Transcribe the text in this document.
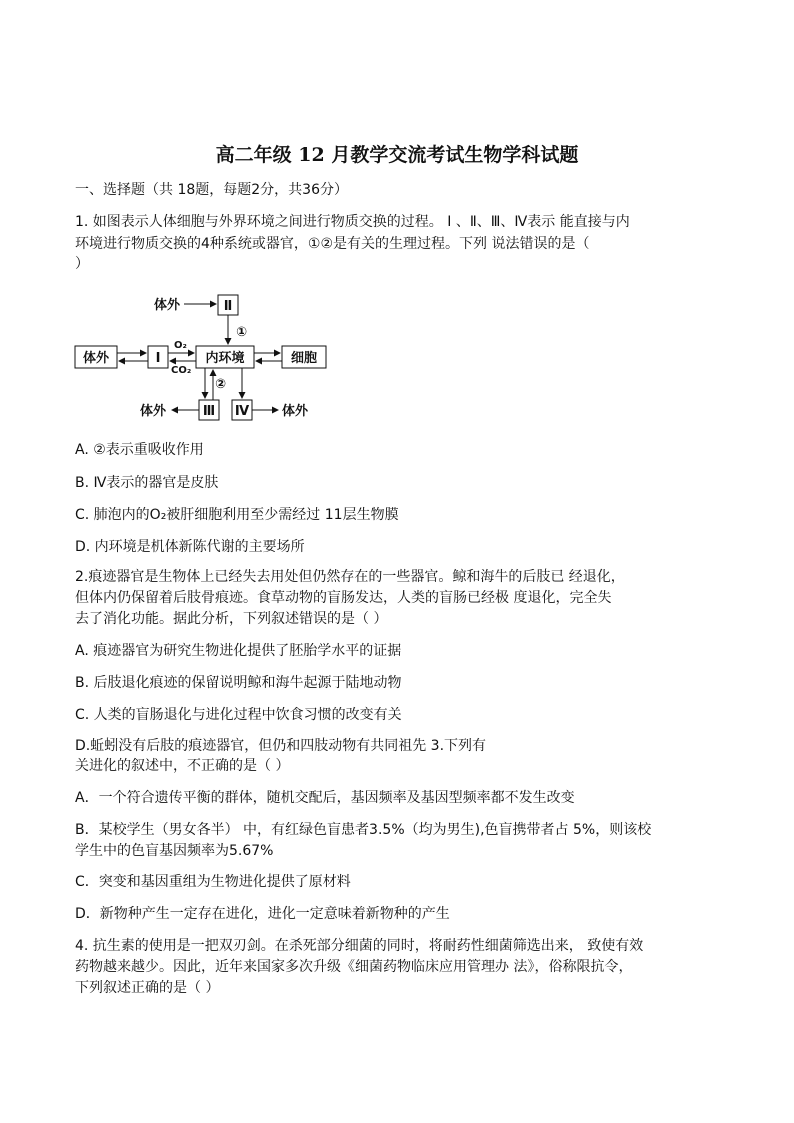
高二年级 12 月教学交流考试生物学科试题
一、选择题（共 18题，每题2分，共36分）
1. 如图表示人体细胞与外界环境之间进行物质交换的过程。 Ⅰ 、Ⅱ、Ⅲ、Ⅳ表示 能直接与内
环境进行物质交换的4种系统或器官，①②是有关的生理过程。下列 说法错误的是（
）
体外	Ⅱ
①
体外	Ⅰ	内环境	细胞
O₂
CO₂
②
Ⅲ Ⅳ
体外	体外
A. ②表示重吸收作用
B. Ⅳ表示的器官是皮肤
C. 肺泡内的O₂被肝细胞利用至少需经过 11层生物膜
D. 内环境是机体新陈代谢的主要场所
2.痕迹器官是生物体上已经失去用处但仍然存在的一些器官。鲸和海牛的后肢已 经退化，
但体内仍保留着后肢骨痕迹。食草动物的盲肠发达，人类的盲肠已经极 度退化，完全失
去了消化功能。据此分析，下列叙述错误的是（ ）
A. 痕迹器官为研究生物进化提供了胚胎学水平的证据
B. 后肢退化痕迹的保留说明鲸和海牛起源于陆地动物
C. 人类的盲肠退化与进化过程中饮食习惯的改变有关
D.蚯蚓没有后肢的痕迹器官，但仍和四肢动物有共同祖先 3.下列有
关进化的叙述中，不正确的是（ ）
A．一个符合遗传平衡的群体，随机交配后，基因频率及基因型频率都不发生改变
B．某校学生（男女各半） 中，有红绿色盲患者3.5%（均为男生),色盲携带者占 5%，则该校
学生中的色盲基因频率为5.67%
C．突变和基因重组为生物进化提供了原材料
D．新物种产生一定存在进化，进化一定意味着新物种的产生
4. 抗生素的使用是一把双刃剑。在杀死部分细菌的同时，将耐药性细菌筛选出来， 致使有效
药物越来越少。因此，近年来国家多次升级《细菌药物临床应用管理办 法》，俗称限抗令，
下列叙述正确的是（ ）
